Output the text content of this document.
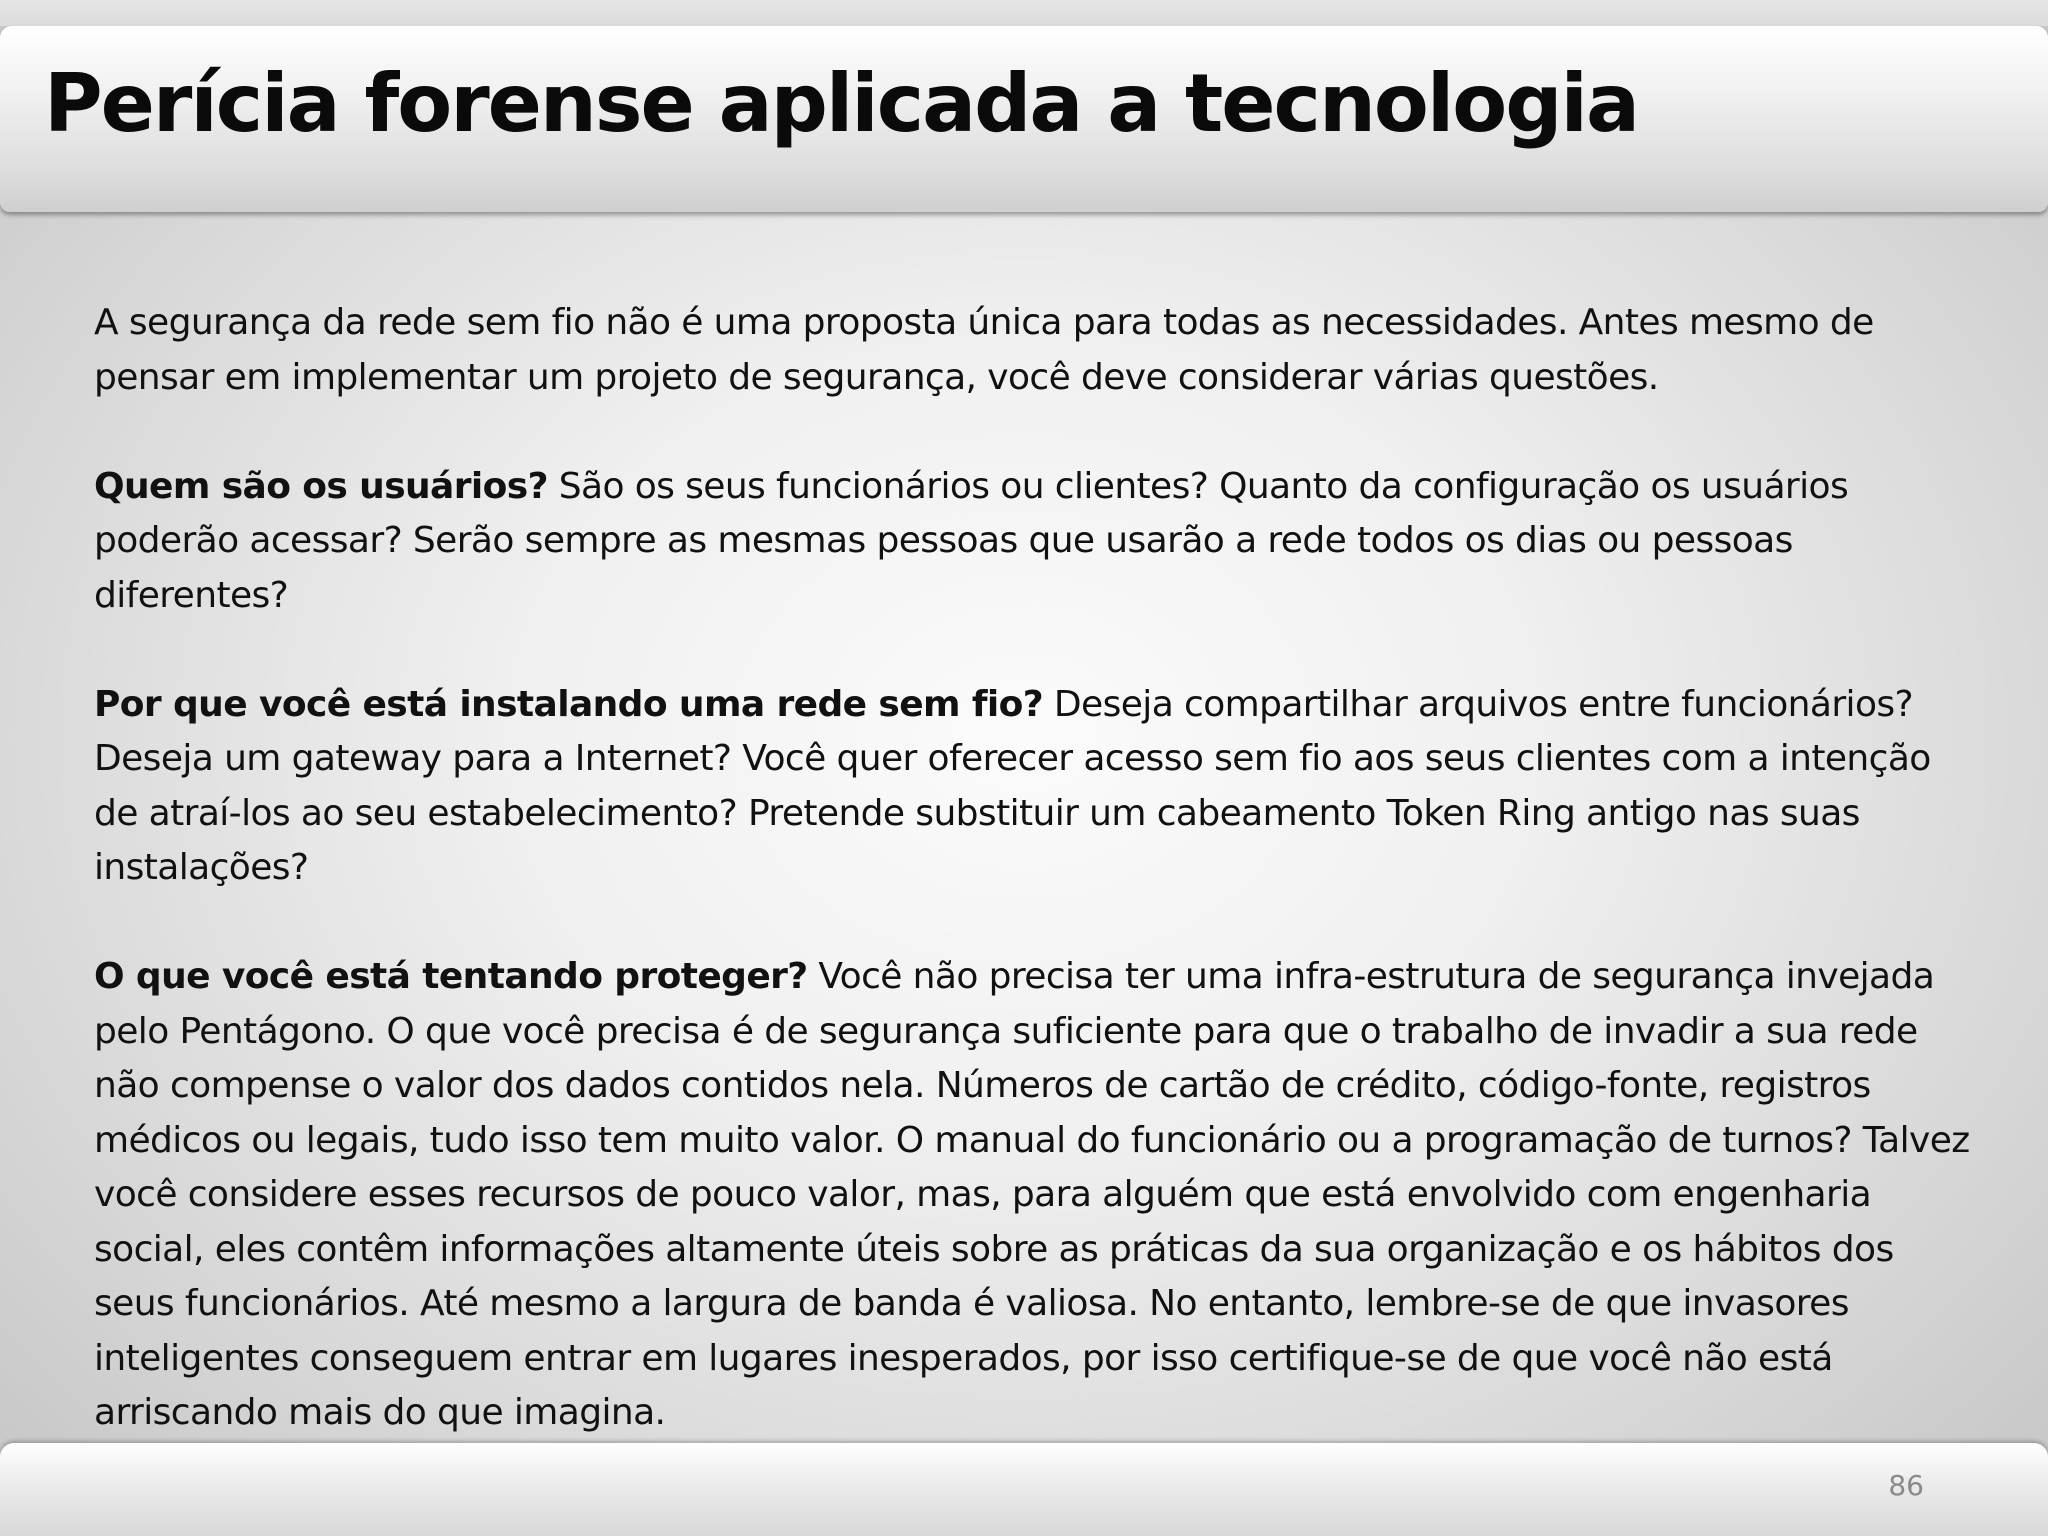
Perícia forense aplicada a tecnologia

A segurança da rede sem fio não é uma proposta única para todas as necessidades. Antes mesmo de pensar em implementar um projeto de segurança, você deve considerar várias questões.

Quem são os usuários? São os seus funcionários ou clientes? Quanto da configuração os usuários poderão acessar? Serão sempre as mesmas pessoas que usarão a rede todos os dias ou pessoas diferentes?

Por que você está instalando uma rede sem fio? Deseja compartilhar arquivos entre funcionários? Deseja um gateway para a Internet? Você quer oferecer acesso sem fio aos seus clientes com a intenção de atraí-los ao seu estabelecimento? Pretende substituir um cabeamento Token Ring antigo nas suas instalações?

O que você está tentando proteger? Você não precisa ter uma infra-estrutura de segurança invejada pelo Pentágono. O que você precisa é de segurança suficiente para que o trabalho de invadir a sua rede não compense o valor dos dados contidos nela. Números de cartão de crédito, código-fonte, registros médicos ou legais, tudo isso tem muito valor. O manual do funcionário ou a programação de turnos? Talvez você considere esses recursos de pouco valor, mas, para alguém que está envolvido com engenharia social, eles contêm informações altamente úteis sobre as práticas da sua organização e os hábitos dos seus funcionários. Até mesmo a largura de banda é valiosa. No entanto, lembre-se de que invasores inteligentes conseguem entrar em lugares inesperados, por isso certifique-se de que você não está arriscando mais do que imagina.

86
